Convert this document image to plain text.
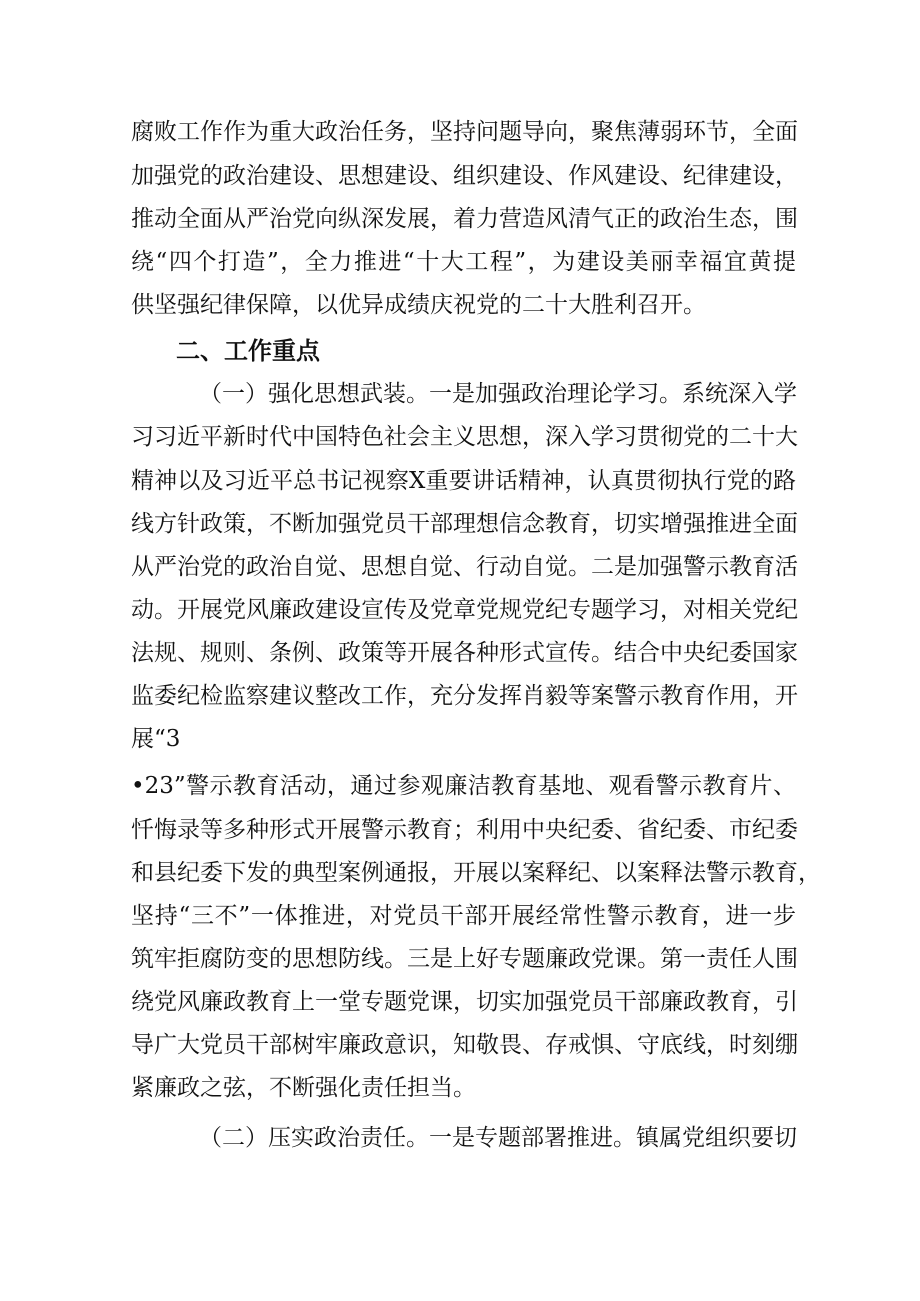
腐败工作作为重大政治任务，坚持问题导向，聚焦薄弱环节，全面
加强党的政治建设、思想建设、组织建设、作风建设、纪律建设，
推动全面从严治党向纵深发展，着力营造风清气正的政治生态，围
绕“四个打造”，全力推进“十大工程”，为建设美丽幸福宜黄提
供坚强纪律保障，以优异成绩庆祝党的二十大胜利召开。
二、工作重点
（一）强化思想武装。一是加强政治理论学习。系统深入学
习习近平新时代中国特色社会主义思想，深入学习贯彻党的二十大
精神以及习近平总书记视察X重要讲话精神，认真贯彻执行党的路
线方针政策，不断加强党员干部理想信念教育，切实增强推进全面
从严治党的政治自觉、思想自觉、行动自觉。二是加强警示教育活
动。开展党风廉政建设宣传及党章党规党纪专题学习，对相关党纪
法规、规则、条例、政策等开展各种形式宣传。结合中央纪委国家
监委纪检监察建议整改工作，充分发挥肖毅等案警示教育作用，开
展“3
•23”警示教育活动，通过参观廉洁教育基地、观看警示教育片、
忏悔录等多种形式开展警示教育；利用中央纪委、省纪委、市纪委
和县纪委下发的典型案例通报，开展以案释纪、以案释法警示教育，
坚持“三不”一体推进，对党员干部开展经常性警示教育，进一步
筑牢拒腐防变的思想防线。三是上好专题廉政党课。第一责任人围
绕党风廉政教育上一堂专题党课，切实加强党员干部廉政教育，引
导广大党员干部树牢廉政意识，知敬畏、存戒惧、守底线，时刻绷
紧廉政之弦，不断强化责任担当。
（二）压实政治责任。一是专题部署推进。镇属党组织要切
